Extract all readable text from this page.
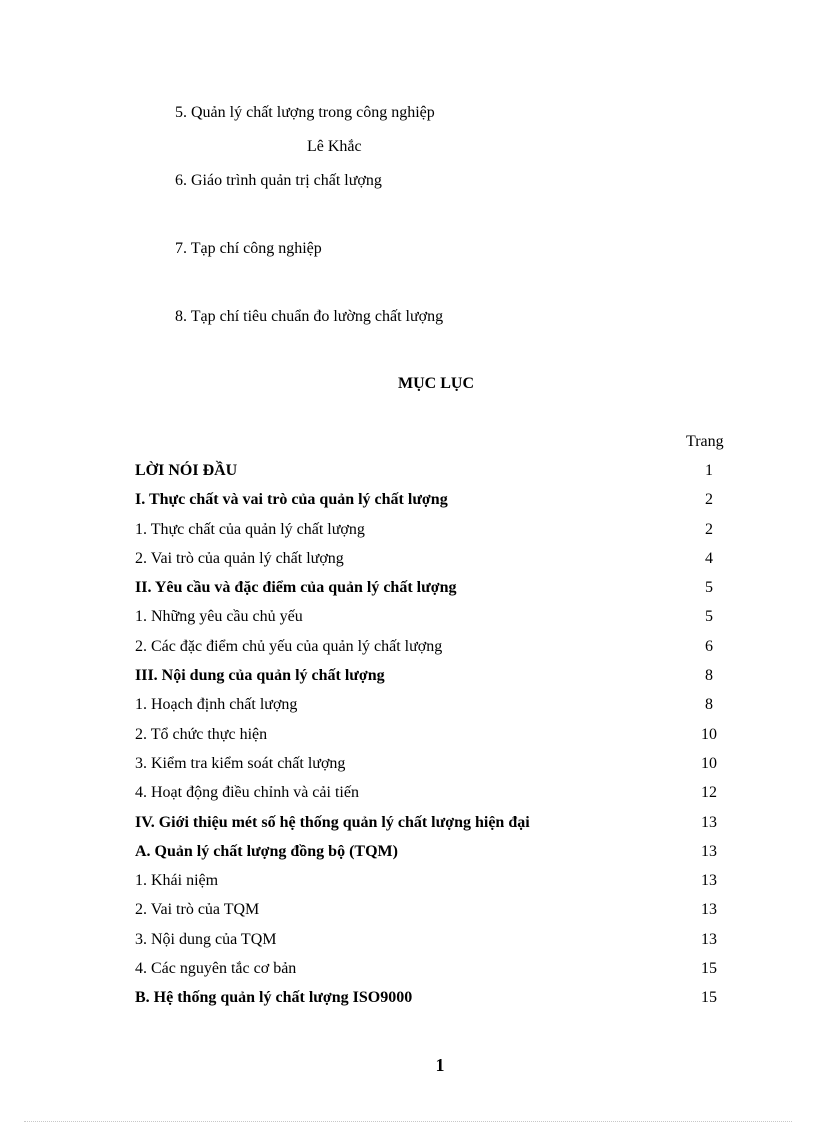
5. Quản lý chất lượng trong công nghiệp
Lê Khắc
6. Giáo trình quản trị chất lượng
7. Tạp chí công nghiệp
8. Tạp chí tiêu chuẩn đo lường chất lượng
MỤC LỤC
Trang
LỜI NÓI ĐẦU	1
I. Thực chất và vai trò của quản lý chất lượng	2
1. Thực chất của quản lý chất lượng	2
2. Vai trò của quản lý chất lượng	4
II. Yêu cầu và đặc điểm của quản lý chất lượng	5
1. Những yêu cầu chủ yếu	5
2. Các đặc điểm chủ yếu của quản lý chất lượng	6
III. Nội dung của quản lý chất lượng	8
1. Hoạch định chất lượng	8
2. Tổ chức thực hiện	10
3. Kiểm tra kiểm soát chất lượng	10
4. Hoạt động điều chỉnh và cải tiến	12
IV. Giới thiệu mét số hệ thống quản lý chất lượng hiện đại	13
A. Quản lý chất lượng đồng bộ (TQM)	13
1. Khái niệm	13
2. Vai trò của TQM	13
3. Nội dung của TQM	13
4. Các nguyên tắc cơ bản	15
B. Hệ thống quản lý chất lượng ISO9000	15
1
